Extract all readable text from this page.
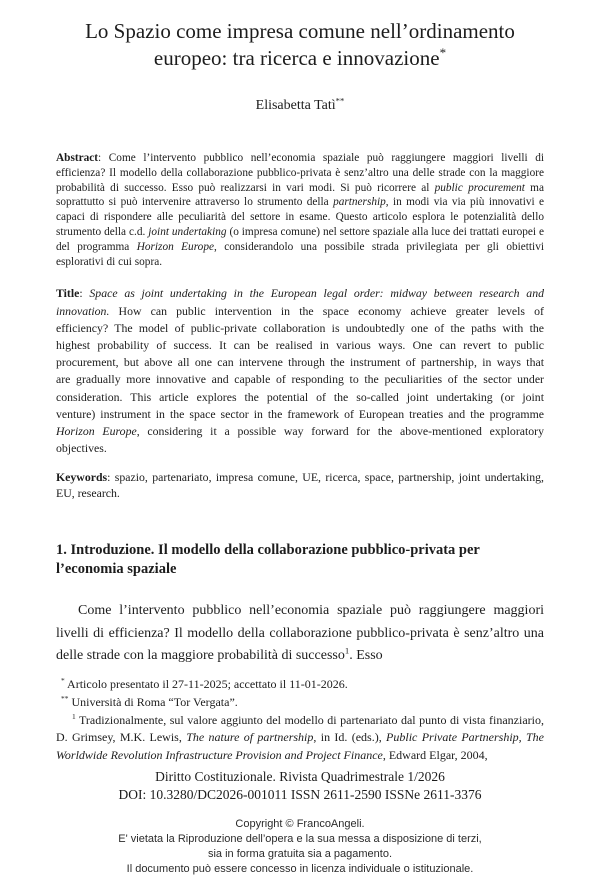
Lo Spazio come impresa comune nell’ordinamento europeo: tra ricerca e innovazione*
Elisabetta Tatì**

Abstract: Come l’intervento pubblico nell’economia spaziale può raggiungere maggiori livelli di efficienza? Il modello della collaborazione pubblico-privata è senz’altro una delle strade con la maggiore probabilità di successo. Esso può realizzarsi in vari modi. Si può ricorrere al public procurement ma soprattutto si può intervenire attraverso lo strumento della partnership, in modi via via più innovativi e capaci di rispondere alle peculiarità del settore in esame. Questo articolo esplora le potenzialità dello strumento della c.d. joint undertaking (o impresa comune) nel settore spaziale alla luce dei trattati europei e del programma Horizon Europe, considerandolo una possibile strada privilegiata per gli obiettivi esplorativi di cui sopra.

Title: Space as joint undertaking in the European legal order: midway between research and innovation. How can public intervention in the space economy achieve greater levels of efficiency? The model of public-private collaboration is undoubtedly one of the paths with the highest probability of success. It can be realised in various ways. One can revert to public procurement, but above all one can intervene through the instrument of partnership, in ways that are gradually more innovative and capable of responding to the peculiarities of the sector under consideration. This article explores the potential of the so-called joint undertaking (or joint venture) instrument in the space sector in the framework of European treaties and the programme Horizon Europe, considering it a possible way forward for the above-mentioned exploratory objectives.

Keywords: spazio, partenariato, impresa comune, UE, ricerca, space, partnership, joint undertaking, EU, research.

1. Introduzione. Il modello della collaborazione pubblico-privata per l’economia spaziale

Come l’intervento pubblico nell’economia spaziale può raggiungere maggiori livelli di efficienza? Il modello della collaborazione pubblico-privata è senz’altro una delle strade con la maggiore probabilità di successo$^1$. Esso

* Articolo presentato il 27-11-2025; accettato il 11-01-2026.

** Università di Roma “Tor Vergata”.

$^1$ Tradizionalmente, sul valore aggiunto del modello di partenariato dal punto di vista finanziario, D. Grimsey, M.K. Lewis, The nature of partnership, in Id. (eds.), Public Private Partnership, The Worldwide Revolution Infrastructure Provision and Project Finance, Edward Elgar, 2004,

Diritto Costituzionale. Rivista Quadrimestrale 1/2026
DOI: 10.3280/DC2026-001011 ISSN 2611-2590 ISSNe 2611-3376
Copyright © FrancoAngeli.
E' vietata la Riproduzione dell’opera e la sua messa a disposizione di terzi,
sia in forma gratuita sia a pagamento.
Il documento può essere concesso in licenza individuale o istituzionale.
